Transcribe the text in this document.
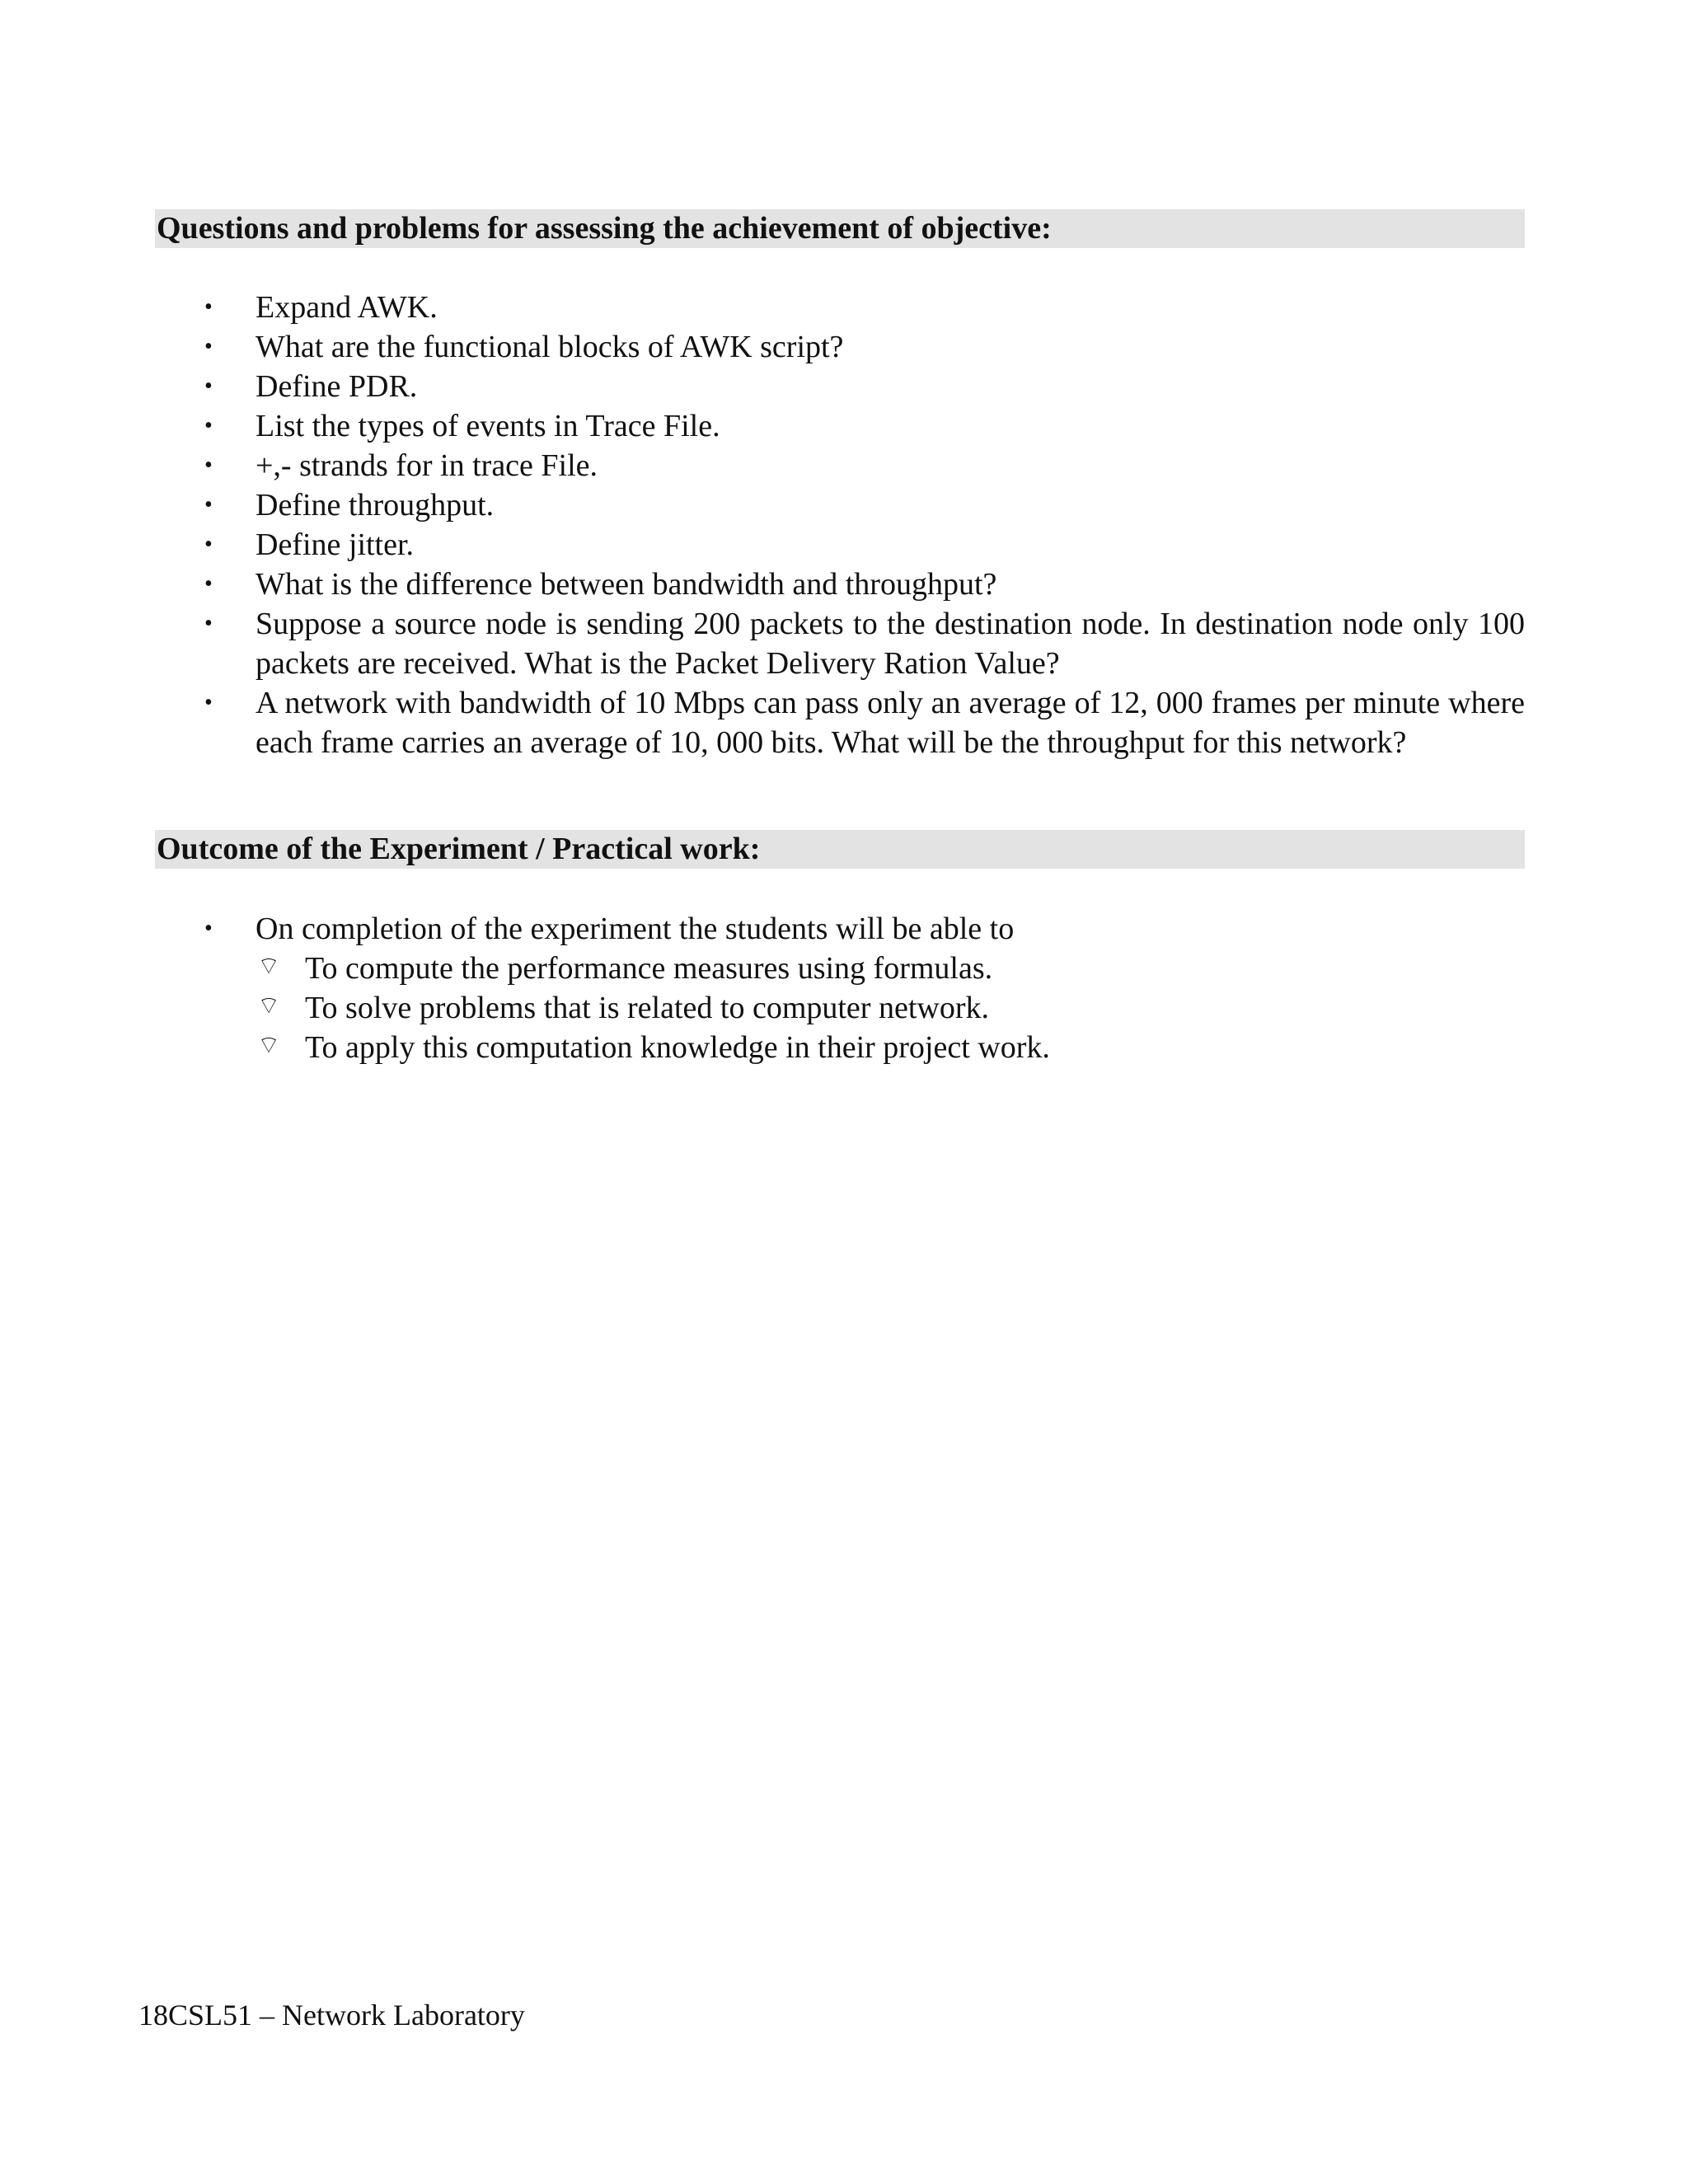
Questions and problems for assessing the achievement of objective:
• Expand AWK.
• What are the functional blocks of AWK script?
• Define PDR.
• List the types of events in Trace File.
• +,- strands for in trace File.
• Define throughput.
• Define jitter.
• What is the difference between bandwidth and throughput?
• Suppose a source node is sending 200 packets to the destination node. In destination node only 100 packets are received. What is the Packet Delivery Ration Value?
• A network with bandwidth of 10 Mbps can pass only an average of 12, 000 frames per minute where each frame carries an average of 10, 000 bits. What will be the throughput for this network?
Outcome of the Experiment / Practical work:
• On completion of the experiment the students will be able to
⌔ To compute the performance measures using formulas.
⌔ To solve problems that is related to computer network.
⌔ To apply this computation knowledge in their project work.
18CSL51 – Network Laboratory
